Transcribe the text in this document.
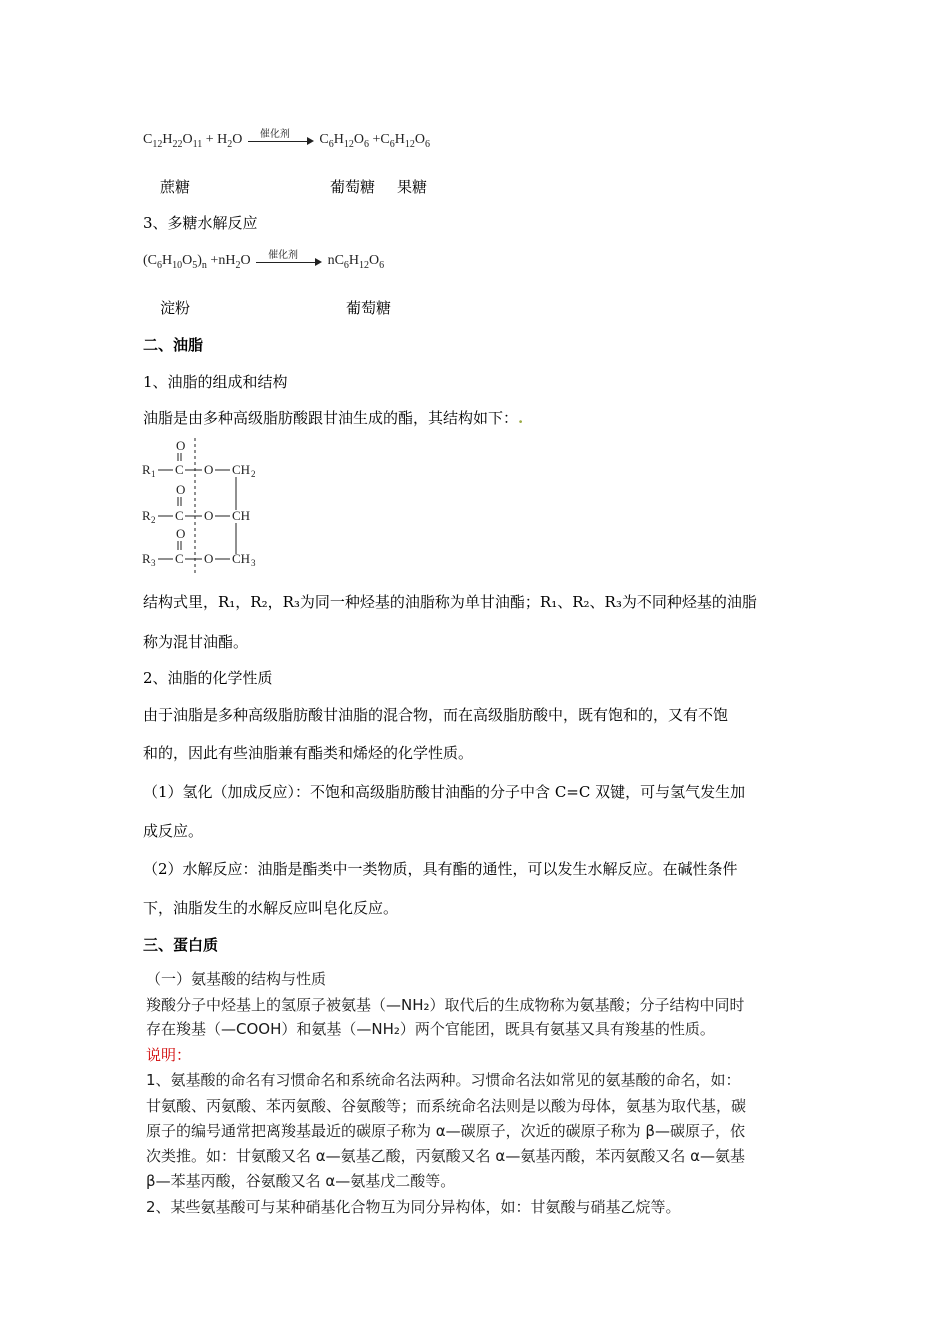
$C_{12}H_{22}O_{11} + H_2O$ 催化剂 $C_6H_{12}O_6 +C_6H_{12}O_6$
蔗糖	葡萄糖 果糖
3、多糖水解反应
$(C_6H_{10}O_5)_n +nH_2O$ 催化剂 $nC_6H_{12}O_6$
淀粉	葡萄糖
二、油脂
1、油脂的组成和结构
油脂是由多种高级脂肪酸跟甘油生成的酯，其结构如下：.
O
R 1 C O CH 2
O
R 2 C O CH
O
R 3 C O CH 3
结构式里，R₁，R₂，R₃为同一种烃基的油脂称为单甘油酯；R₁、R₂、R₃为不同种烃基的油脂
称为混甘油酯。
2、油脂的化学性质
由于油脂是多种高级脂肪酸甘油脂的混合物，而在高级脂肪酸中，既有饱和的，又有不饱
和的，因此有些油脂兼有酯类和烯烃的化学性质。
（1）氢化（加成反应）：不饱和高级脂肪酸甘油酯的分子中含 C=C 双键，可与氢气发生加
成反应。
（2）水解反应：油脂是酯类中一类物质，具有酯的通性，可以发生水解反应。在碱性条件
下，油脂发生的水解反应叫皂化反应。
三、蛋白质
（一）氨基酸的结构与性质
羧酸分子中烃基上的氢原子被氨基（—NH₂）取代后的生成物称为氨基酸；分子结构中同时
存在羧基（—COOH）和氨基（—NH₂）两个官能团，既具有氨基又具有羧基的性质。
说明：
1、氨基酸的命名有习惯命名和系统命名法两种。习惯命名法如常见的氨基酸的命名，如：
甘氨酸、丙氨酸、苯丙氨酸、谷氨酸等；而系统命名法则是以酸为母体，氨基为取代基，碳
原子的编号通常把离羧基最近的碳原子称为 α—碳原子，次近的碳原子称为 β—碳原子，依
次类推。如：甘氨酸又名 α—氨基乙酸，丙氨酸又名 α—氨基丙酸，苯丙氨酸又名 α—氨基
β—苯基丙酸，谷氨酸又名 α—氨基戊二酸等。
2、某些氨基酸可与某种硝基化合物互为同分异构体，如：甘氨酸与硝基乙烷等。
